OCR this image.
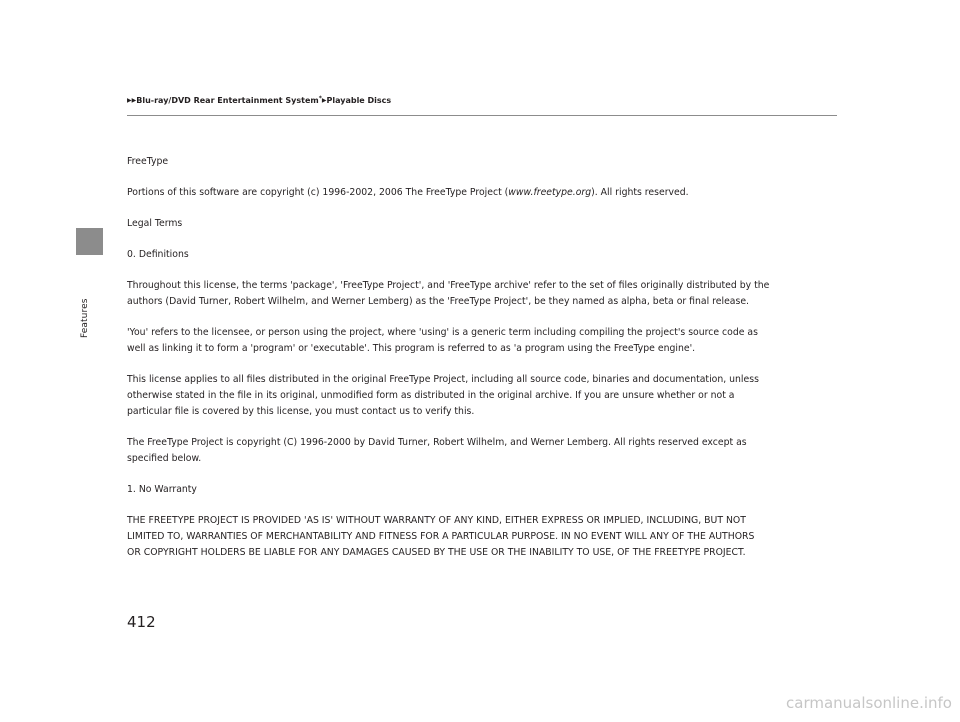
Features
▶▶Blu-ray/DVD Rear Entertainment System*▶Playable Discs

FreeType

Portions of this software are copyright (c) 1996-2002, 2006 The FreeType Project (www.freetype.org). All rights reserved.

Legal Terms

0. Definitions

Throughout this license, the terms 'package', 'FreeType Project', and 'FreeType archive' refer to the set of files originally distributed by the
authors (David Turner, Robert Wilhelm, and Werner Lemberg) as the 'FreeType Project', be they named as alpha, beta or final release.

'You' refers to the licensee, or person using the project, where 'using' is a generic term including compiling the project's source code as
well as linking it to form a 'program' or 'executable'. This program is referred to as 'a program using the FreeType engine'.

This license applies to all files distributed in the original FreeType Project, including all source code, binaries and documentation, unless
otherwise stated in the file in its original, unmodified form as distributed in the original archive. If you are unsure whether or not a
particular file is covered by this license, you must contact us to verify this.

The FreeType Project is copyright (C) 1996-2000 by David Turner, Robert Wilhelm, and Werner Lemberg. All rights reserved except as
specified below.

1. No Warranty

THE FREETYPE PROJECT IS PROVIDED 'AS IS' WITHOUT WARRANTY OF ANY KIND, EITHER EXPRESS OR IMPLIED, INCLUDING, BUT NOT
LIMITED TO, WARRANTIES OF MERCHANTABILITY AND FITNESS FOR A PARTICULAR PURPOSE. IN NO EVENT WILL ANY OF THE AUTHORS
OR COPYRIGHT HOLDERS BE LIABLE FOR ANY DAMAGES CAUSED BY THE USE OR THE INABILITY TO USE, OF THE FREETYPE PROJECT.

412
carmanualsonline.info
